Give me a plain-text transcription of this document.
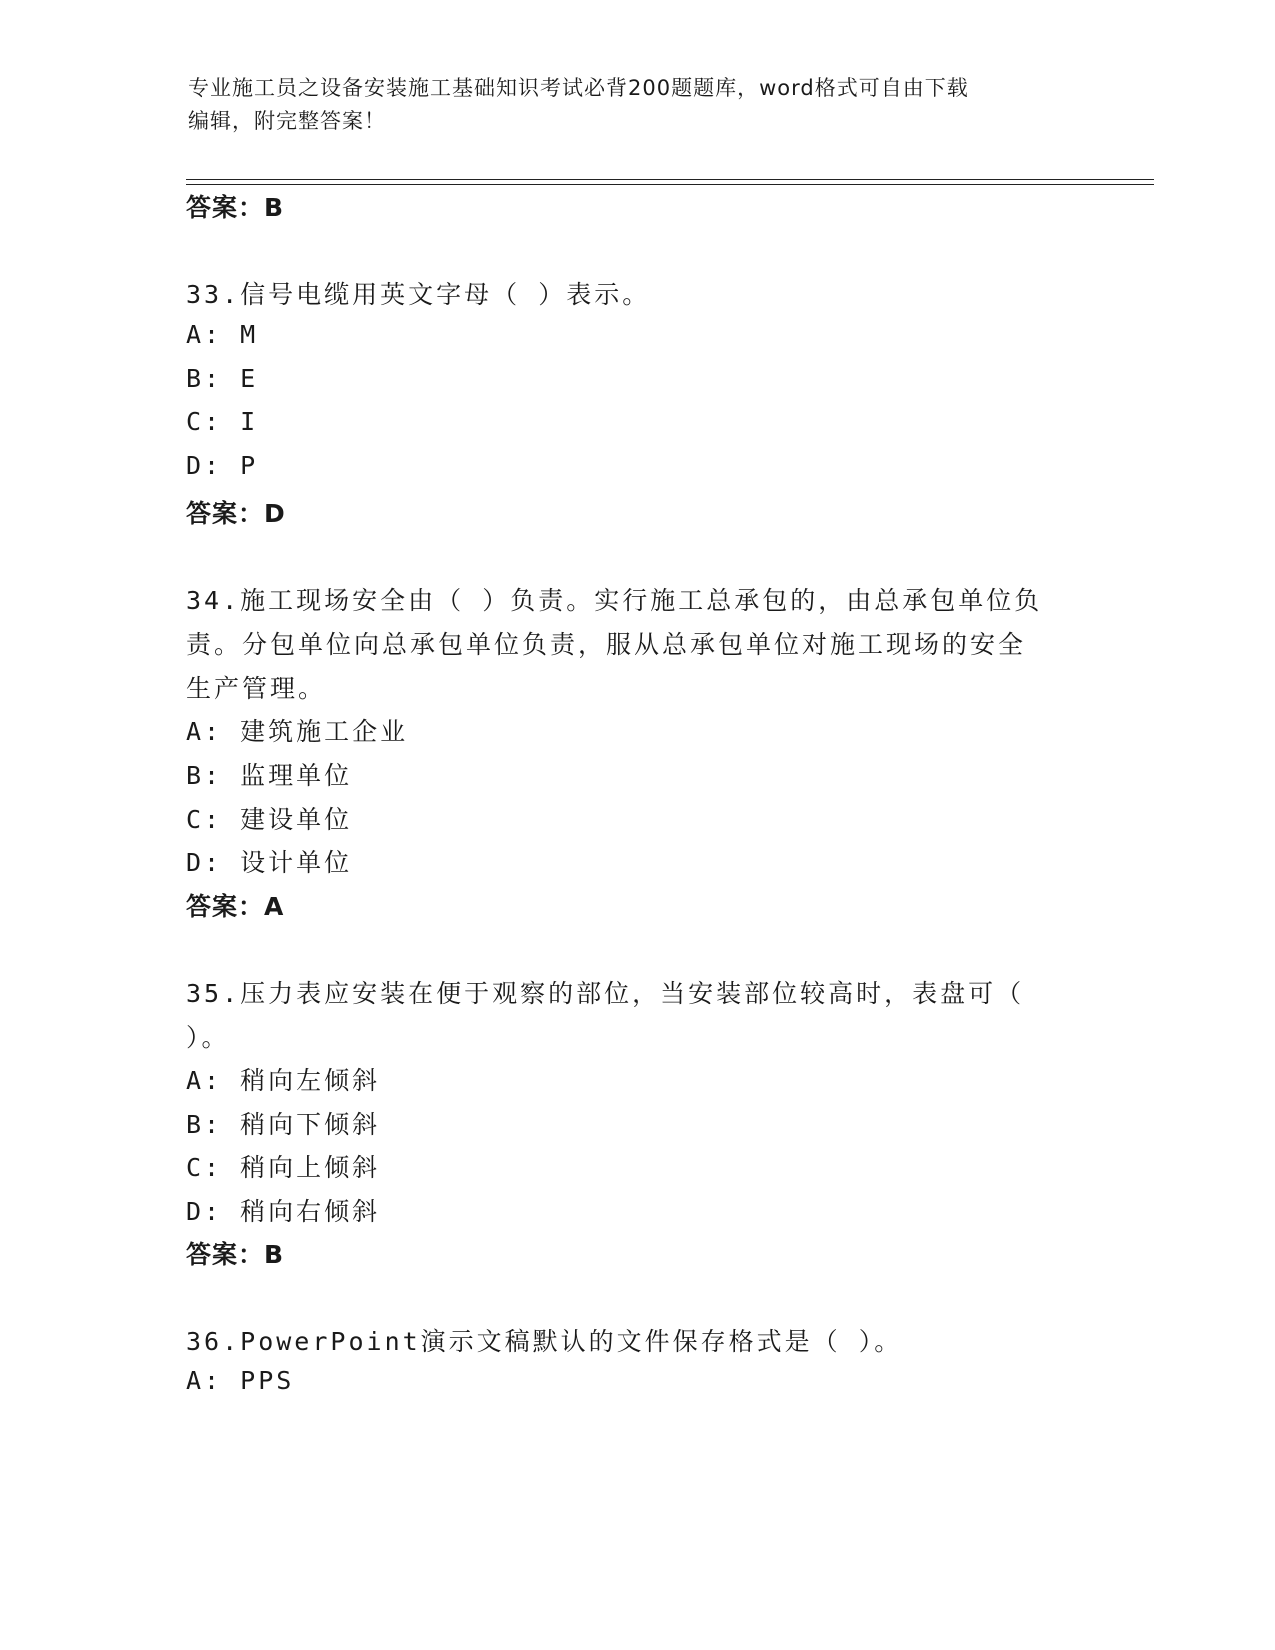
专业施工员之设备安装施工基础知识考试必背200题题库，word格式可自由下载
编辑，附完整答案！
答案：B
33.信号电缆用英文字母（ ）表示。
A: M
B: E
C: I
D: P
答案：D
34.施工现场安全由（ ）负责。实行施工总承包的，由总承包单位负
责。分包单位向总承包单位负责，服从总承包单位对施工现场的安全
生产管理。
A: 建筑施工企业
B: 监理单位
C: 建设单位
D: 设计单位
答案：A
35.压力表应安装在便于观察的部位，当安装部位较高时，表盘可（
）。
A: 稍向左倾斜
B: 稍向下倾斜
C: 稍向上倾斜
D: 稍向右倾斜
答案：B
36.PowerPoint演示文稿默认的文件保存格式是（ ）。
A: PPS
